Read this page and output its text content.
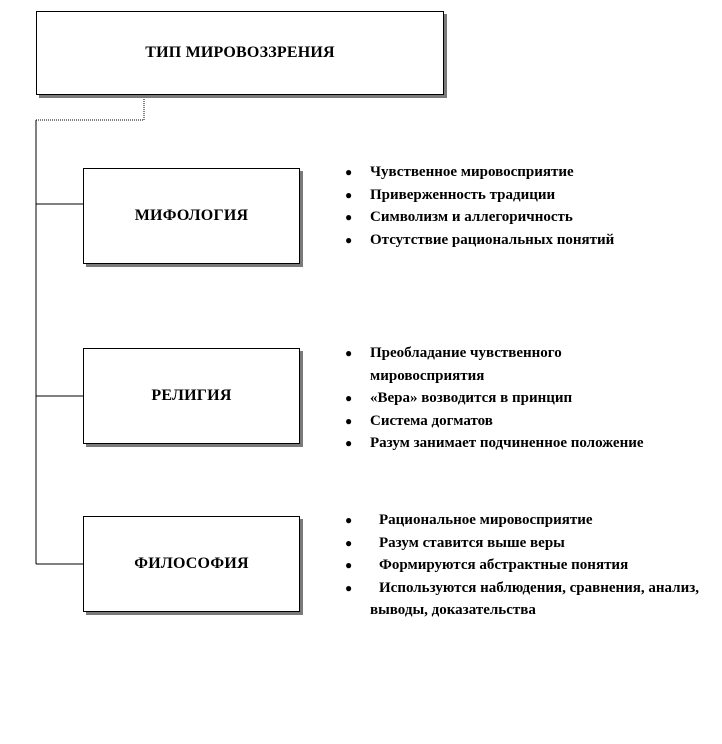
ТИП МИРОВОЗЗРЕНИЯ
МИФОЛОГИЯ
РЕЛИГИЯ
ФИЛОСОФИЯ
● Чувственное мировосприятие
● Приверженность традиции
● Символизм и аллегоричность
● Отсутствие рациональных понятий
● Преобладание чувственного мировосприятия
● «Вера» возводится в принцип
● Система догматов
● Разум занимает подчиненное положение
● Рациональное мировосприятие
● Разум ставится выше веры
● Формируются абстрактные понятия
● Используются наблюдения, сравнения, анализ, выводы, доказательства
